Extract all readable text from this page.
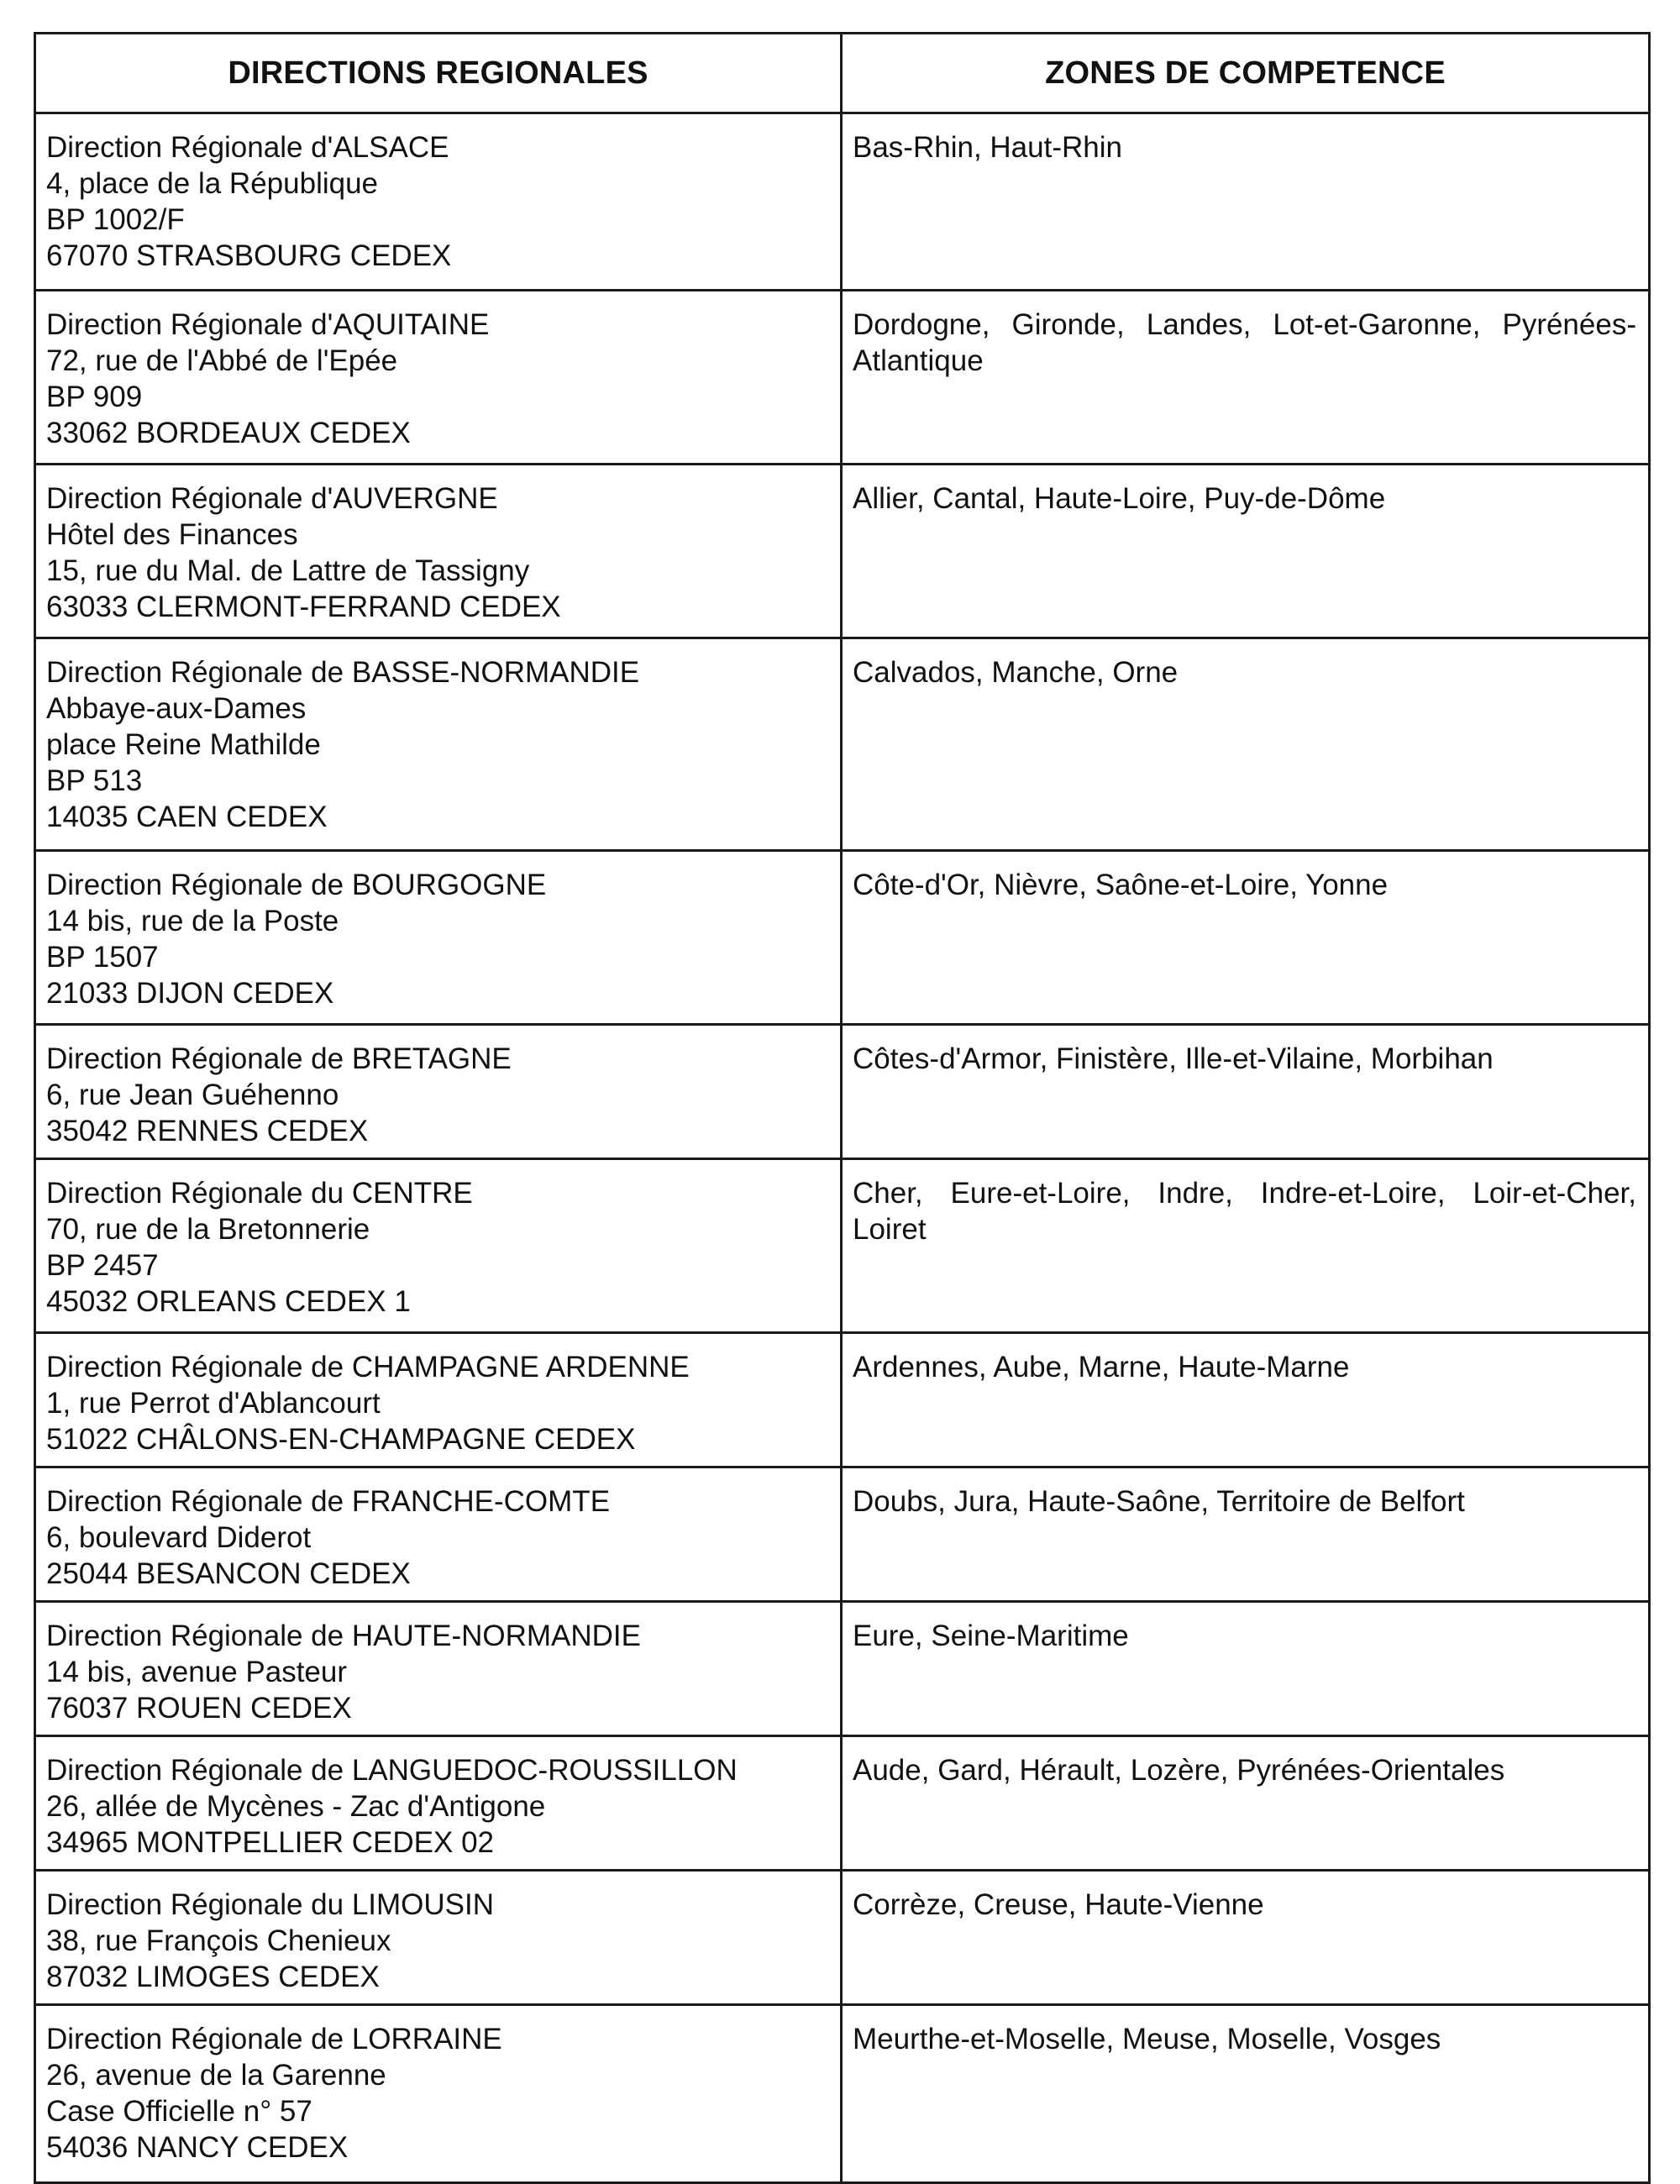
DIRECTIONS REGIONALES	ZONES DE COMPETENCE

Direction Régionale d'ALSACE
4, place de la République
BP 1002/F
67070 STRASBOURG CEDEX	Bas-Rhin, Haut-Rhin

Direction Régionale d'AQUITAINE
72, rue de l'Abbé de l'Epée
BP 909
33062 BORDEAUX CEDEX	Dordogne, Gironde, Landes, Lot-et-Garonne, Pyrénées-Atlantique

Direction Régionale d'AUVERGNE
Hôtel des Finances
15, rue du Mal. de Lattre de Tassigny
63033 CLERMONT-FERRAND CEDEX	Allier, Cantal, Haute-Loire, Puy-de-Dôme

Direction Régionale de BASSE-NORMANDIE
Abbaye-aux-Dames
place Reine Mathilde
BP 513
14035 CAEN CEDEX	Calvados, Manche, Orne

Direction Régionale de BOURGOGNE
14 bis, rue de la Poste
BP 1507
21033 DIJON CEDEX	Côte-d'Or, Nièvre, Saône-et-Loire, Yonne

Direction Régionale de BRETAGNE
6, rue Jean Guéhenno
35042 RENNES CEDEX	Côtes-d'Armor, Finistère, Ille-et-Vilaine, Morbihan

Direction Régionale du CENTRE
70, rue de la Bretonnerie
BP 2457
45032 ORLEANS CEDEX 1	Cher, Eure-et-Loire, Indre, Indre-et-Loire, Loir-et-Cher, Loiret

Direction Régionale de CHAMPAGNE ARDENNE
1, rue Perrot d'Ablancourt
51022 CHÂLONS-EN-CHAMPAGNE CEDEX	Ardennes, Aube, Marne, Haute-Marne

Direction Régionale de FRANCHE-COMTE
6, boulevard Diderot
25044 BESANCON CEDEX	Doubs, Jura, Haute-Saône, Territoire de Belfort

Direction Régionale de HAUTE-NORMANDIE
14 bis, avenue Pasteur
76037 ROUEN CEDEX	Eure, Seine-Maritime

Direction Régionale de LANGUEDOC-ROUSSILLON
26, allée de Mycènes - Zac d'Antigone
34965 MONTPELLIER CEDEX 02	Aude, Gard, Hérault, Lozère, Pyrénées-Orientales

Direction Régionale du LIMOUSIN
38, rue François Chenieux
87032 LIMOGES CEDEX	Corrèze, Creuse, Haute-Vienne

Direction Régionale de LORRAINE
26, avenue de la Garenne
Case Officielle n° 57
54036 NANCY CEDEX	Meurthe-et-Moselle, Meuse, Moselle, Vosges
